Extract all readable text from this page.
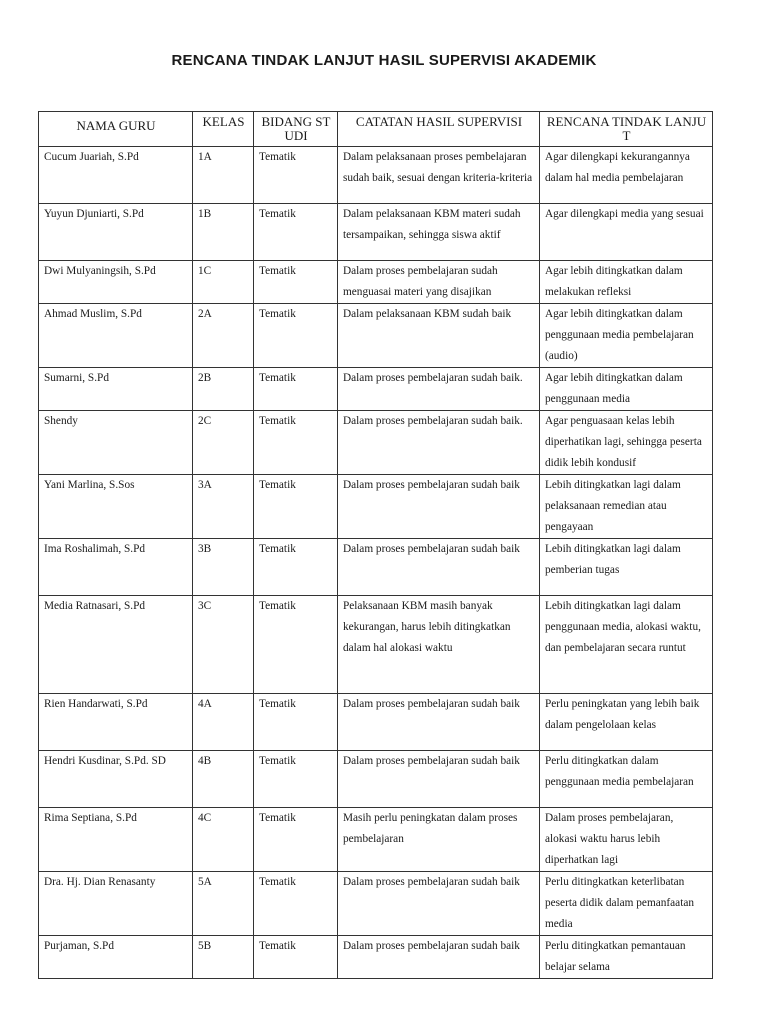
RENCANA TINDAK LANJUT HASIL SUPERVISI AKADEMIK
NAMA GURU	KELAS	BIDANG STUDI	CATATAN HASIL SUPERVISI	RENCANA TINDAK LANJUT
Cucum Juariah, S.Pd	1A	Tematik	Dalam pelaksanaan proses pembelajaran sudah baik, sesuai dengan kriteria-kriteria	Agar dilengkapi kekurangannya dalam hal media pembelajaran
Yuyun Djuniarti, S.Pd	1B	Tematik	Dalam pelaksanaan KBM materi sudah tersampaikan, sehingga siswa aktif	Agar dilengkapi media yang sesuai
Dwi Mulyaningsih, S.Pd	1C	Tematik	Dalam proses pembelajaran sudah menguasai materi yang disajikan	Agar lebih ditingkatkan dalam melakukan refleksi
Ahmad Muslim, S.Pd	2A	Tematik	Dalam pelaksanaan KBM sudah baik	Agar lebih ditingkatkan dalam penggunaan media pembelajaran (audio)
Sumarni, S.Pd	2B	Tematik	Dalam proses pembelajaran sudah baik.	Agar lebih ditingkatkan dalam penggunaan media
Shendy	2C	Tematik	Dalam proses pembelajaran sudah baik.	Agar penguasaan kelas lebih diperhatikan lagi, sehingga peserta didik lebih kondusif
Yani Marlina, S.Sos	3A	Tematik	Dalam proses pembelajaran sudah baik	Lebih ditingkatkan lagi dalam pelaksanaan remedian atau pengayaan
Ima Roshalimah, S.Pd	3B	Tematik	Dalam proses pembelajaran sudah baik	Lebih ditingkatkan lagi dalam pemberian tugas
Media Ratnasari, S.Pd	3C	Tematik	Pelaksanaan KBM masih banyak kekurangan, harus lebih ditingkatkan dalam hal alokasi waktu	Lebih ditingkatkan lagi dalam penggunaan media, alokasi waktu, dan pembelajaran secara runtut
Rien Handarwati, S.Pd	4A	Tematik	Dalam proses pembelajaran sudah baik	Perlu peningkatan yang lebih baik dalam pengelolaan kelas
Hendri Kusdinar, S.Pd. SD	4B	Tematik	Dalam proses pembelajaran sudah baik	Perlu ditingkatkan dalam penggunaan media pembelajaran
Rima Septiana, S.Pd	4C	Tematik	Masih perlu peningkatan dalam proses pembelajaran	Dalam proses pembelajaran, alokasi waktu harus lebih diperhatkan lagi
Dra. Hj. Dian Renasanty	5A	Tematik	Dalam proses pembelajaran sudah baik	Perlu ditingkatkan keterlibatan peserta didik dalam pemanfaatan media
Purjaman, S.Pd	5B	Tematik	Dalam proses pembelajaran sudah baik	Perlu ditingkatkan pemantauan belajar selama
